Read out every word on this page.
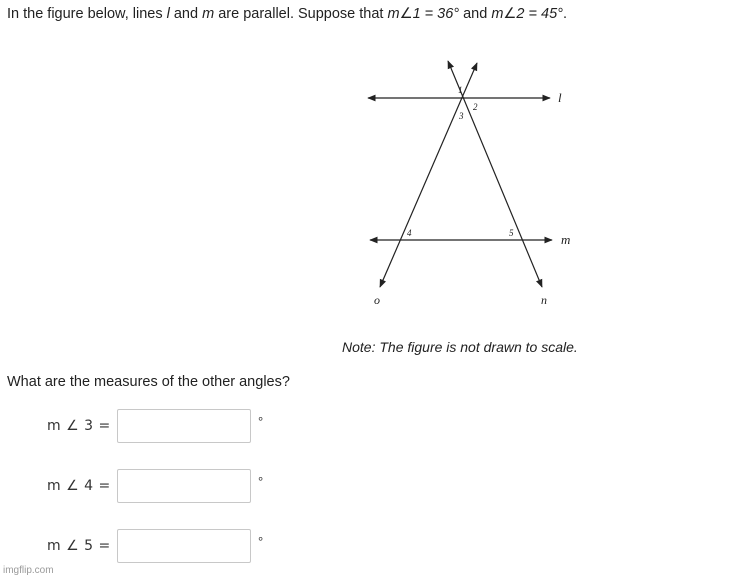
In the figure below, lines l and m are parallel. Suppose that m∠1 = 36° and m∠2 = 45°.
1
2
3
4	5
l
m
o	n
Note: The figure is not drawn to scale.
What are the measures of the other angles?
m ∠ 3 =	°
m ∠ 4 =	°
m ∠ 5 =	°
imgflip.com
